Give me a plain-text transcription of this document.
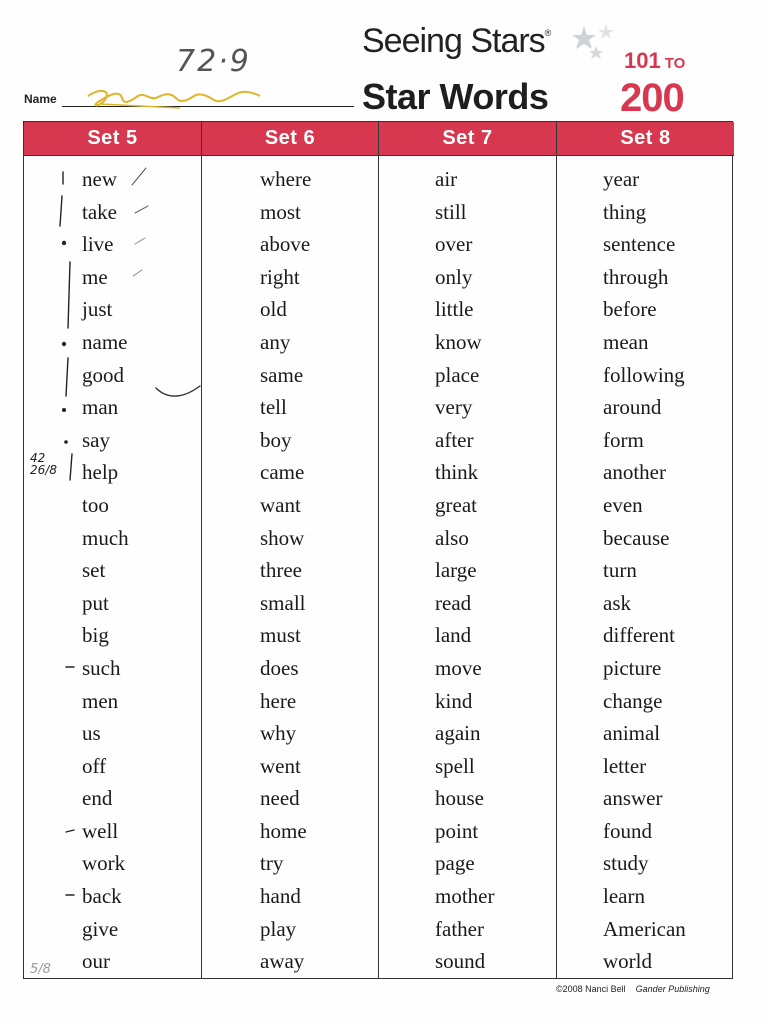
Seeing Stars®
101 TO
200
Star Words
Name
72·9
Set 5
new
take
live
me
just
name
good
man
say
help
too
much
set
put
big
such
men
us
off
end
well
work
back
give
our
Set 6
where
most
above
right
old
any
same
tell
boy
came
want
show
three
small
must
does
here
why
went
need
home
try
hand
play
away
Set 7
air
still
over
only
little
know
place
very
after
think
great
also
large
read
land
move
kind
again
spell
house
point
page
mother
father
sound
Set 8
year
thing
sentence
through
before
mean
following
around
form
another
even
because
turn
ask
different
picture
change
animal
letter
answer
found
study
learn
American
world
42 26/8
5/8
©2008 Nanci Bell Gander Publishing
